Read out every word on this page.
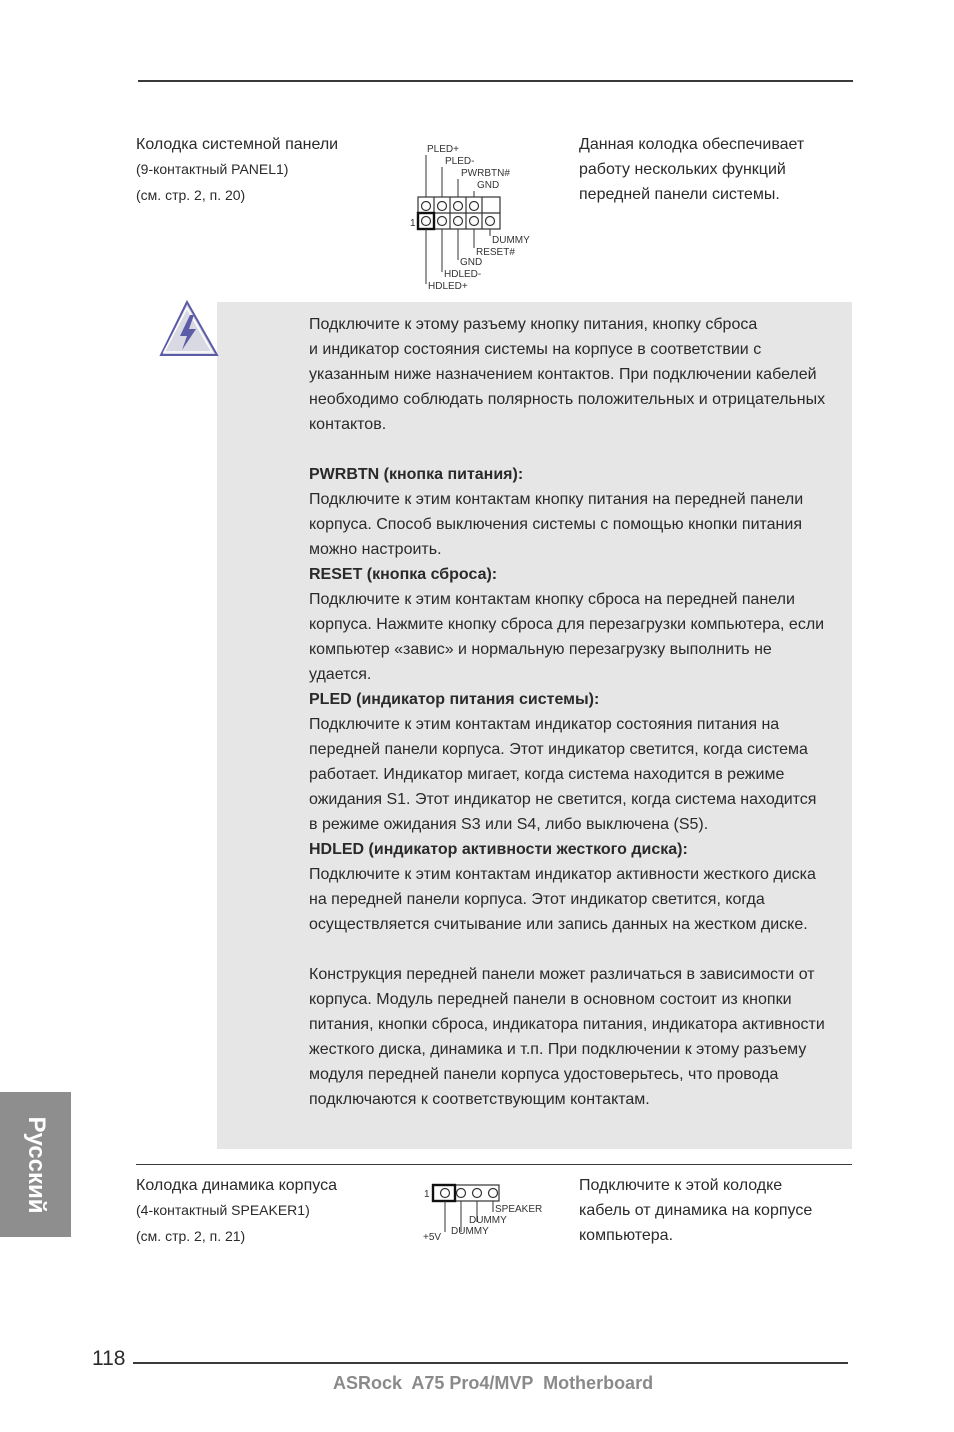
Колодка системной панели
(9-контактный PANEL1)
(см. стр. 2, п. 20)
Данная колодка обеспечивает
работу нескольких функций
передней панели системы.
PLED+
PLED-
PWRBTN#
GND
1
DUMMY
RESET#
GND
HDLED-
HDLED+
Подключите к этому разъему кнопку питания, кнопку сброса
и индикатор состояния системы на корпусе в соответствии с
указанным ниже назначением контактов. При подключении кабелей
необходимо соблюдать полярность положительных и отрицательных
контактов.
PWRBTN (кнопка питания):
Подключите к этим контактам кнопку питания на передней панели
корпуса. Способ выключения системы с помощью кнопки питания
можно настроить.
RESET (кнопка сброса):
Подключите к этим контактам кнопку сброса на передней панели
корпуса. Нажмите кнопку сброса для перезагрузки компьютера, если
компьютер «завис» и нормальную перезагрузку выполнить не
удается.
PLED (индикатор питания системы):
Подключите к этим контактам индикатор состояния питания на
передней панели корпуса. Этот индикатор светится, когда система
работает. Индикатор мигает, когда система находится в режиме
ожидания S1. Этот индикатор не светится, когда система находится
в режиме ожидания S3 или S4, либо выключена (S5).
HDLED (индикатор активности жесткого диска):
Подключите к этим контактам индикатор активности жесткого диска
на передней панели корпуса. Этот индикатор светится, когда
осуществляется считывание или запись данных на жестком диске.
Конструкция передней панели может различаться в зависимости от
корпуса. Модуль передней панели в основном состоит из кнопки
питания, кнопки сброса, индикатора питания, индикатора активности
жесткого диска, динамика и т.п. При подключении к этому разъему
модуля передней панели корпуса удостоверьтесь, что провода
подключаются к соответствующим контактам.
Колодка динамика корпуса
(4-контактный SPEAKER1)
(см. стр. 2, п. 21)
Подключите к этой колодке
кабель от динамика на корпусе
компьютера.
1
SPEAKER
DUMMY
+5V
DUMMY
Русский
118
ASRock  A75 Pro4/MVP  Motherboard
